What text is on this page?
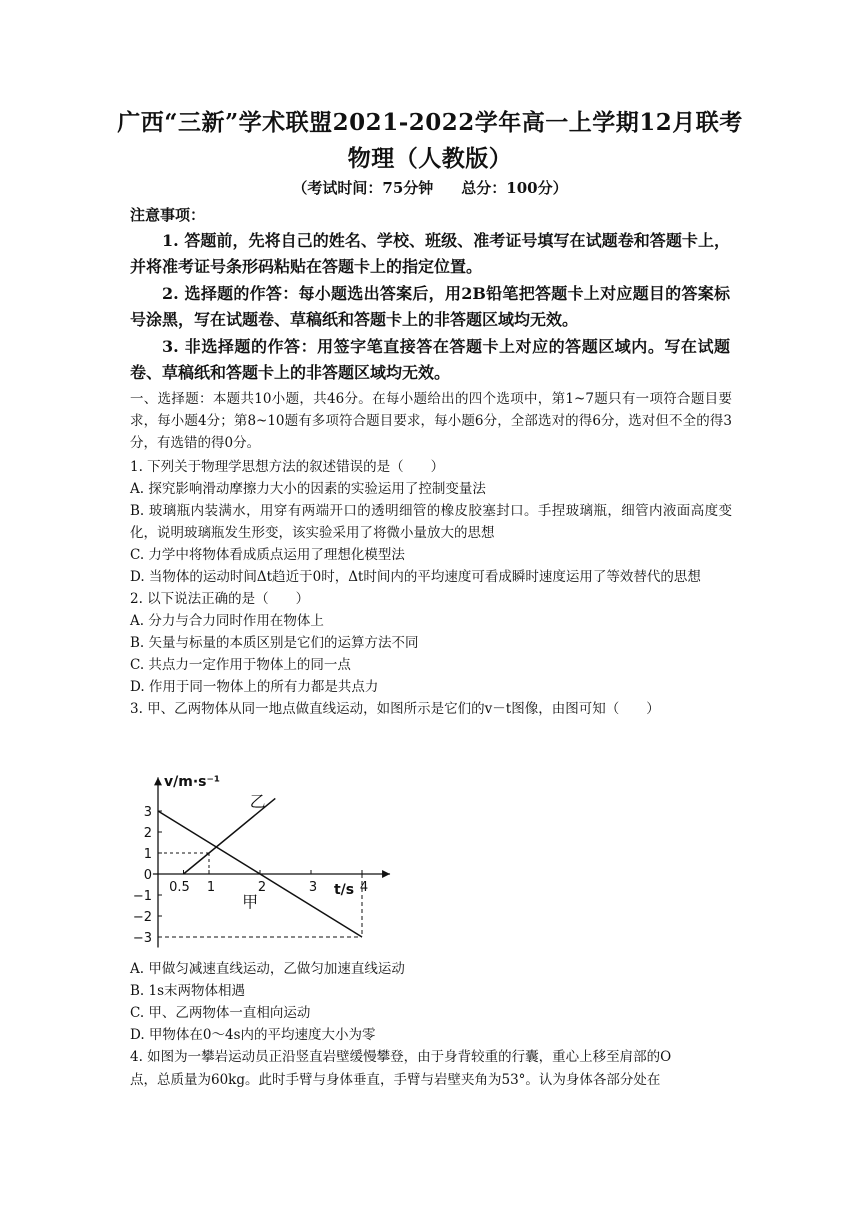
广西“三新”学术联盟2021-2022学年高一上学期12月联考
物理（人教版）
（考试时间：75分钟 总分：100分）
注意事项：
1. 答题前，先将自己的姓名、学校、班级、准考证号填写在试题卷和答题卡上，并将准考证号条形码粘贴在答题卡上的指定位置。
2. 选择题的作答：每小题选出答案后，用2B铅笔把答题卡上对应题目的答案标号涂黑，写在试题卷、草稿纸和答题卡上的非答题区域均无效。
3. 非选择题的作答：用签字笔直接答在答题卡上对应的答题区域内。写在试题卷、草稿纸和答题卡上的非答题区域均无效。
一、选择题：本题共10小题，共46分。在每小题给出的四个选项中，第1~7题只有一项符合题目要求，每小题4分；第8~10题有多项符合题目要求，每小题6分，全部选对的得6分，选对但不全的得3分，有选错的得0分。
1. 下列关于物理学思想方法的叙述错误的是（　　）
A. 探究影响滑动摩擦力大小的因素的实验运用了控制变量法
B. 玻璃瓶内装满水，用穿有两端开口的透明细管的橡皮胶塞封口。手捏玻璃瓶，细管内液面高度变化，说明玻璃瓶发生形变，该实验采用了将微小量放大的思想
C. 力学中将物体看成质点运用了理想化模型法
D. 当物体的运动时间Δt趋近于0时，Δt时间内的平均速度可看成瞬时速度运用了等效替代的思想
2. 以下说法正确的是（　　）
A. 分力与合力同时作用在物体上
B. 矢量与标量的本质区别是它们的运算方法不同
C. 共点力一定作用于物体上的同一点
D. 作用于同一物体上的所有力都是共点力
3. 甲、乙两物体从同一地点做直线运动，如图所示是它们的v－t图像，由图可知（　　）
v/m·s⁻¹
t/s
3
2
1
0
−1
−2
−3
0.5 1	2	3	4
甲
乙
A. 甲做匀减速直线运动，乙做匀加速直线运动
B. 1s末两物体相遇
C. 甲、乙两物体一直相向运动
D. 甲物体在0～4s内的平均速度大小为零
4. 如图为一攀岩运动员正沿竖直岩壁缓慢攀登，由于身背较重的行囊，重心上移至肩部的O
点，总质量为60kg。此时手臂与身体垂直，手臂与岩壁夹角为53°。认为身体各部分处在
